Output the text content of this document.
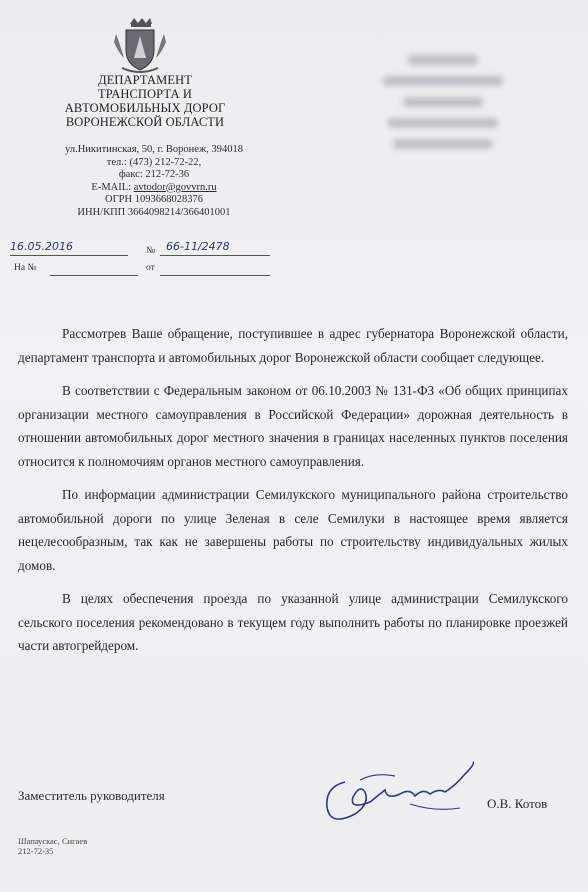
ДЕПАРТАМЕНТ
ТРАНСПОРТА И
АВТОМОБИЛЬНЫХ ДОРОГ
ВОРОНЕЖСКОЙ ОБЛАСТИ
ул.Никитинская, 50, г. Воронеж, 394018
тел.: (473) 212-72-22,
факс: 212-72-36
E-MAIL: avtodor@govvrn.ru
ОГРН 1093668028376
ИНН/КПП 3664098214/366401001
16.05.2016	№ 66-11/2478
На №	от

Рассмотрев Ваше обращение, поступившее в адрес губернатора Воронежской области, департамент транспорта и автомобильных дорог Воронежской области сообщает следующее.

В соответствии с Федеральным законом от 06.10.2003 № 131-ФЗ «Об общих принципах организации местного самоуправления в Российской Федерации» дорожная деятельность в отношении автомобильных дорог местного значения в границах населенных пунктов поселения относится к полномочиям органов местного самоуправления.

По информации администрации Семилукского муниципального района строительство автомобильной дороги по улице Зеленая в селе Семилуки в настоящее время является нецелесообразным, так как не завершены работы по строительству индивидуальных жилых домов.

В целях обеспечения проезда по указанной улице администрации Семилукского сельского поселения рекомендовано в текущем году выполнить работы по планировке проезжей части автогрейдером.

Заместитель руководителя
О.В. Котов
Шапаускас, Сигаев
212-72-35
